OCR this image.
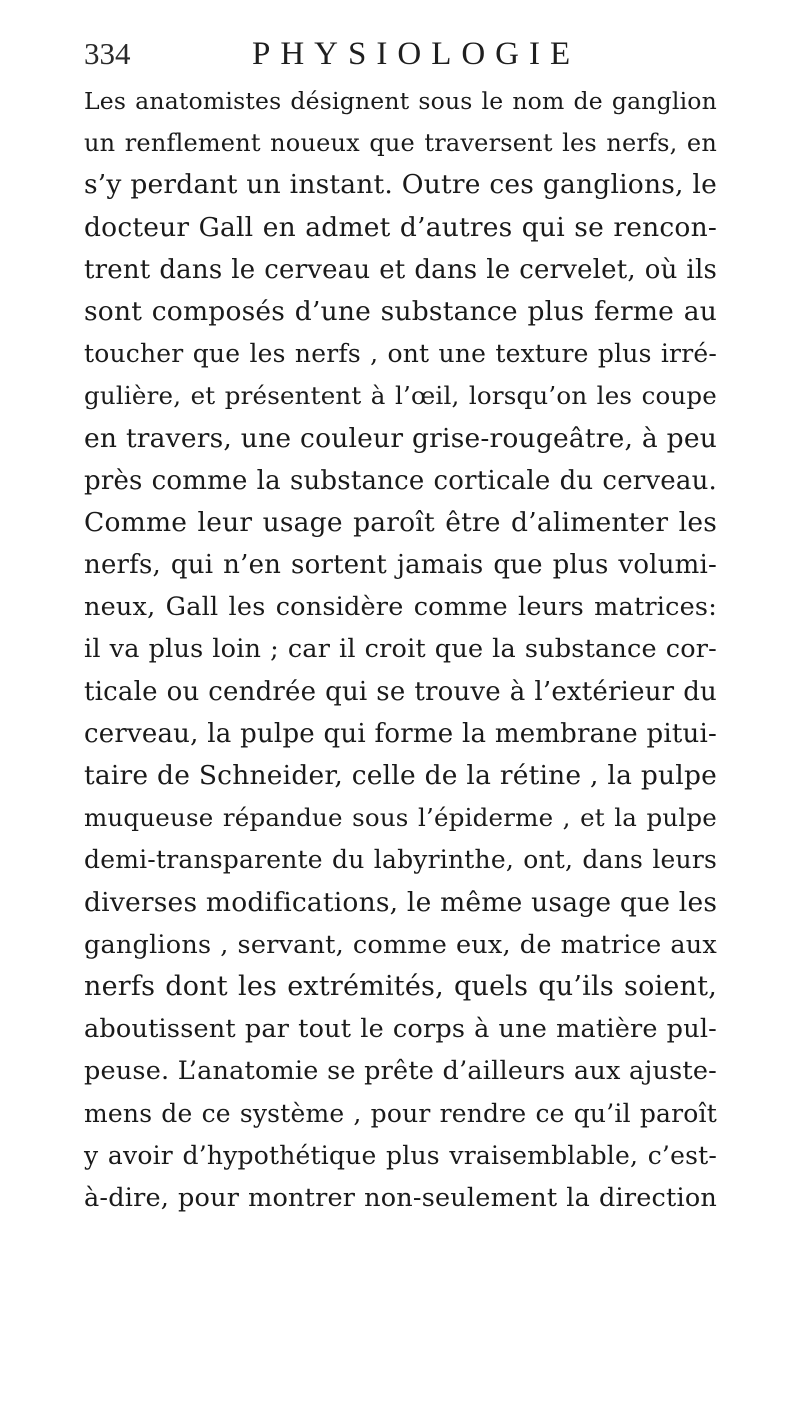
334	PHYSIOLOGIE
Les anatomistes désignent sous le nom de ganglion
un renflement noueux que traversent les nerfs, en
s’y perdant un instant. Outre ces ganglions, le
docteur Gall en admet d’autres qui se rencon-
trent dans le cerveau et dans le cervelet, où ils
sont composés d’une substance plus ferme au
toucher que les nerfs , ont une texture plus irré-
gulière, et présentent à l’œil, lorsqu’on les coupe
en travers, une couleur grise-rougeâtre, à peu
près comme la substance corticale du cerveau.
Comme leur usage paroît être d’alimenter les
nerfs, qui n’en sortent jamais que plus volumi-
neux, Gall les considère comme leurs matrices:
il va plus loin ; car il croit que la substance cor-
ticale ou cendrée qui se trouve à l’extérieur du
cerveau, la pulpe qui forme la membrane pitui-
taire de Schneider, celle de la rétine , la pulpe
muqueuse répandue sous l’épiderme , et la pulpe
demi-transparente du labyrinthe, ont, dans leurs
diverses modifications, le même usage que les
ganglions , servant, comme eux, de matrice aux
nerfs dont les extrémités, quels qu’ils soient,
aboutissent par tout le corps à une matière pul-
peuse. L’anatomie se prête d’ailleurs aux ajuste-
mens de ce système , pour rendre ce qu’il paroît
y avoir d’hypothétique plus vraisemblable, c’est-
à-dire, pour montrer non-seulement la direction
